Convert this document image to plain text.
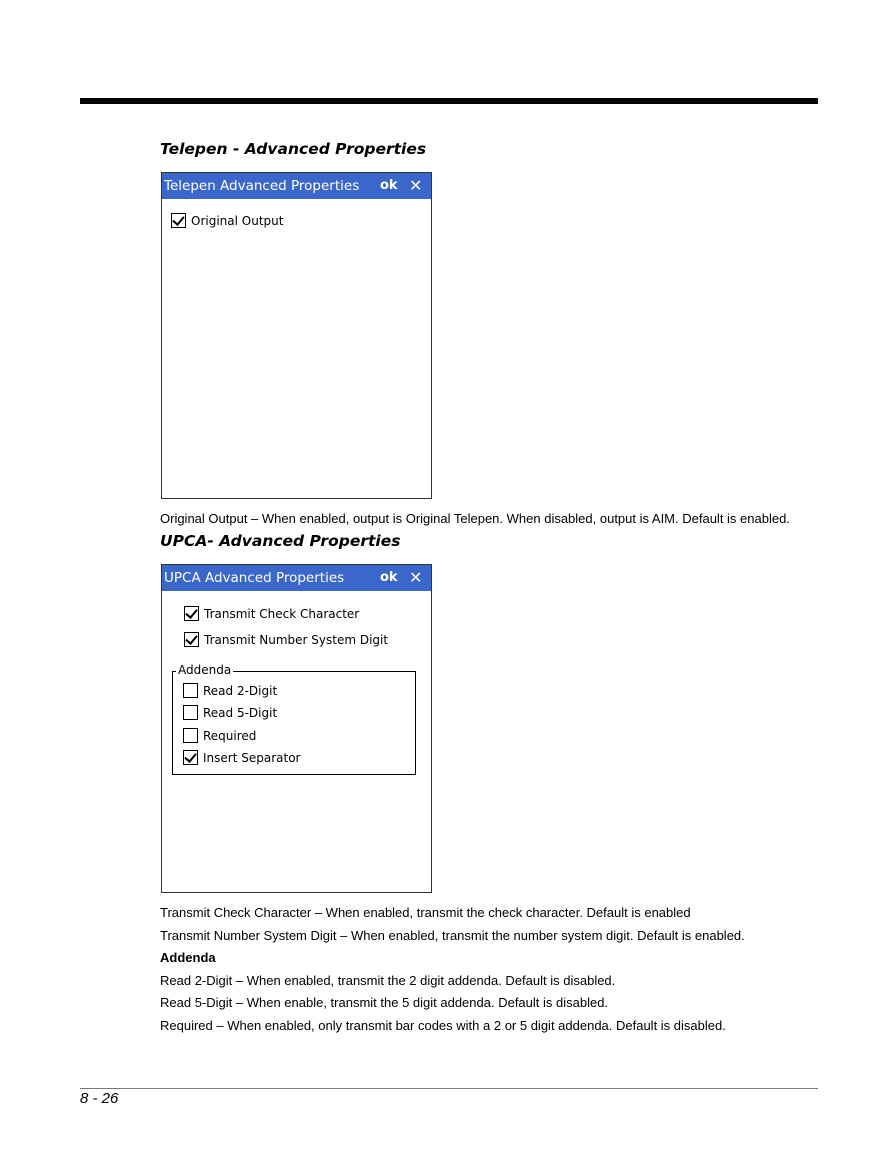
Telepen - Advanced Properties
Telepen Advanced Properties ok ✕
Original Output

Original Output – When enabled, output is Original Telepen. When disabled, output is AIM. Default is enabled.

UPCA- Advanced Properties
UPCA Advanced Properties	ok ✕
Transmit Check Character
Transmit Number System Digit
Addenda
Read 2-Digit
Read 5-Digit
Required
Insert Separator

Transmit Check Character – When enabled, transmit the check character. Default is enabled

Transmit Number System Digit – When enabled, transmit the number system digit. Default is enabled.

Addenda

Read 2-Digit – When enabled, transmit the 2 digit addenda. Default is disabled.

Read 5-Digit – When enable, transmit the 5 digit addenda. Default is disabled.

Required – When enabled, only transmit bar codes with a 2 or 5 digit addenda. Default is disabled.

8 - 26
